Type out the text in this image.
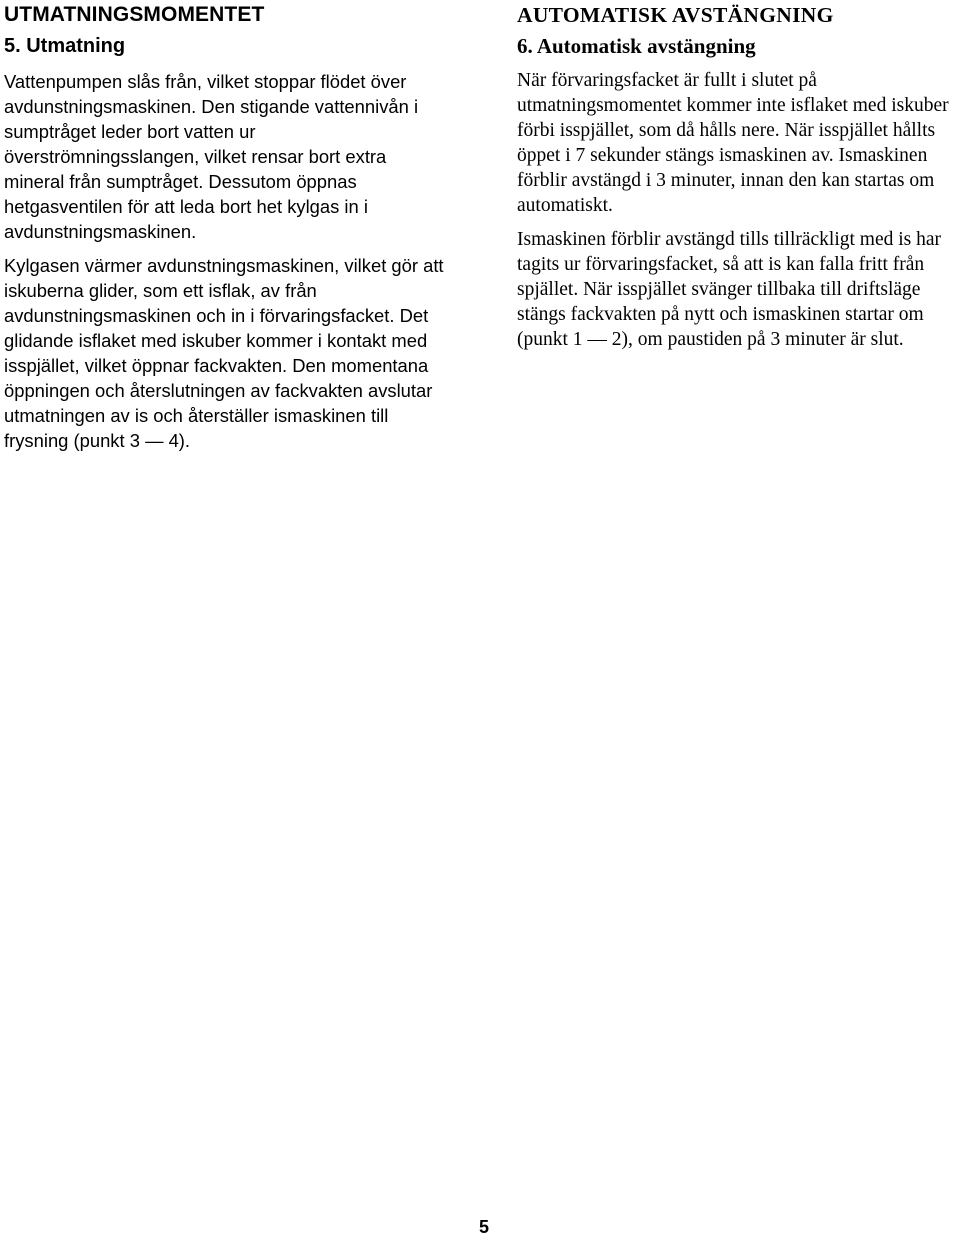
UTMATNINGSMOMENTET
5. Utmatning

Vattenpumpen slås från, vilket stoppar flödet över avdunstningsmaskinen. Den stigande vattennivån i sumptråget leder bort vatten ur överströmningsslangen, vilket rensar bort extra mineral från sumptråget. Dessutom öppnas hetgasventilen för att leda bort het kylgas in i avdunstningsmaskinen.

Kylgasen värmer avdunstningsmaskinen, vilket gör att iskuberna glider, som ett isflak, av från avdunstningsmaskinen och in i förvaringsfacket. Det glidande isflaket med iskuber kommer i kontakt med isspjället, vilket öppnar fackvakten. Den momentana öppningen och återslutningen av fackvakten avslutar utmatningen av is och återställer ismaskinen till frysning (punkt 3 — 4).

AUTOMATISK AVSTÄNGNING
6. Automatisk avstängning

När förvaringsfacket är fullt i slutet på utmatningsmomentet kommer inte isflaket med iskuber förbi isspjället, som då hålls nere. När isspjället hållts öppet i 7 sekunder stängs ismaskinen av. Ismaskinen förblir avstängd i 3 minuter, innan den kan startas om automatiskt.

Ismaskinen förblir avstängd tills tillräckligt med is har tagits ur förvaringsfacket, så att is kan falla fritt från spjället. När isspjället svänger tillbaka till driftsläge stängs fackvakten på nytt och ismaskinen startar om (punkt 1 — 2), om paustiden på 3 minuter är slut.

5
